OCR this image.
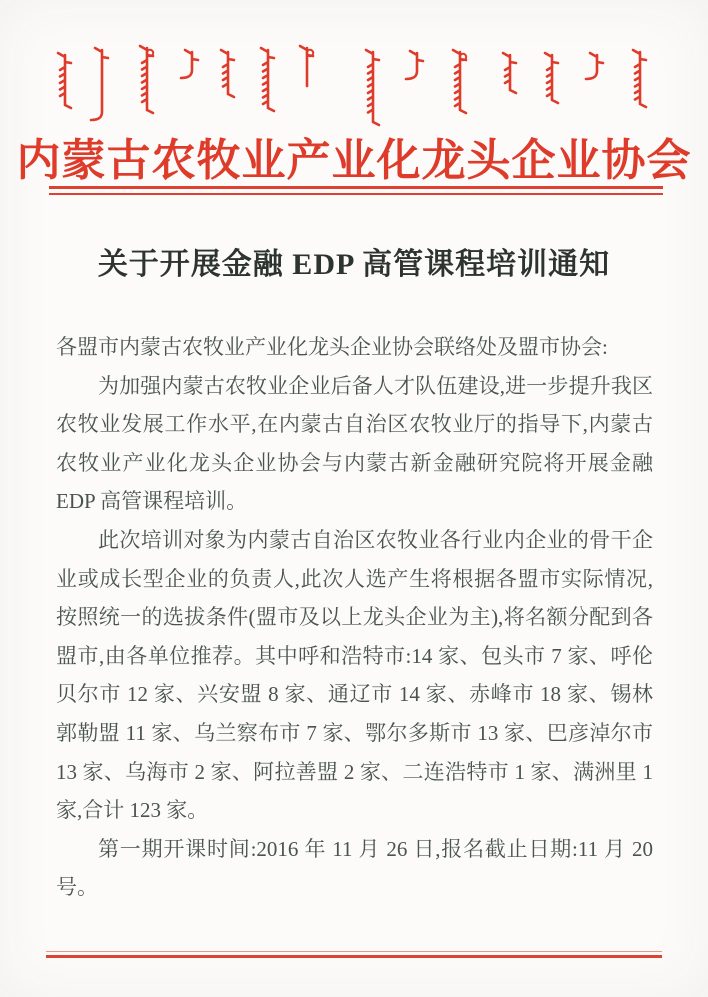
内蒙古农牧业产业化龙头企业协会
关于开展金融 EDP 高管课程培训通知

各盟市内蒙古农牧业产业化龙头企业协会联络处及盟市协会:

为加强内蒙古农牧业企业后备人才队伍建设,进一步提升我区农牧业发展工作水平,在内蒙古自治区农牧业厅的指导下,内蒙古农牧业产业化龙头企业协会与内蒙古新金融研究院将开展金融 EDP 高管课程培训。

此次培训对象为内蒙古自治区农牧业各行业内企业的骨干企业或成长型企业的负责人,此次人选产生将根据各盟市实际情况,按照统一的选拔条件(盟市及以上龙头企业为主),将名额分配到各盟市,由各单位推荐。其中呼和浩特市:14 家、包头市 7 家、呼伦贝尔市 12 家、兴安盟 8 家、通辽市 14 家、赤峰市 18 家、锡林郭勒盟 11 家、乌兰察布市 7 家、鄂尔多斯市 13 家、巴彦淖尔市 13 家、乌海市 2 家、阿拉善盟 2 家、二连浩特市 1 家、满洲里 1 家,合计 123 家。

第一期开课时间:2016 年 11 月 26 日,报名截止日期:11 月 20 号。
